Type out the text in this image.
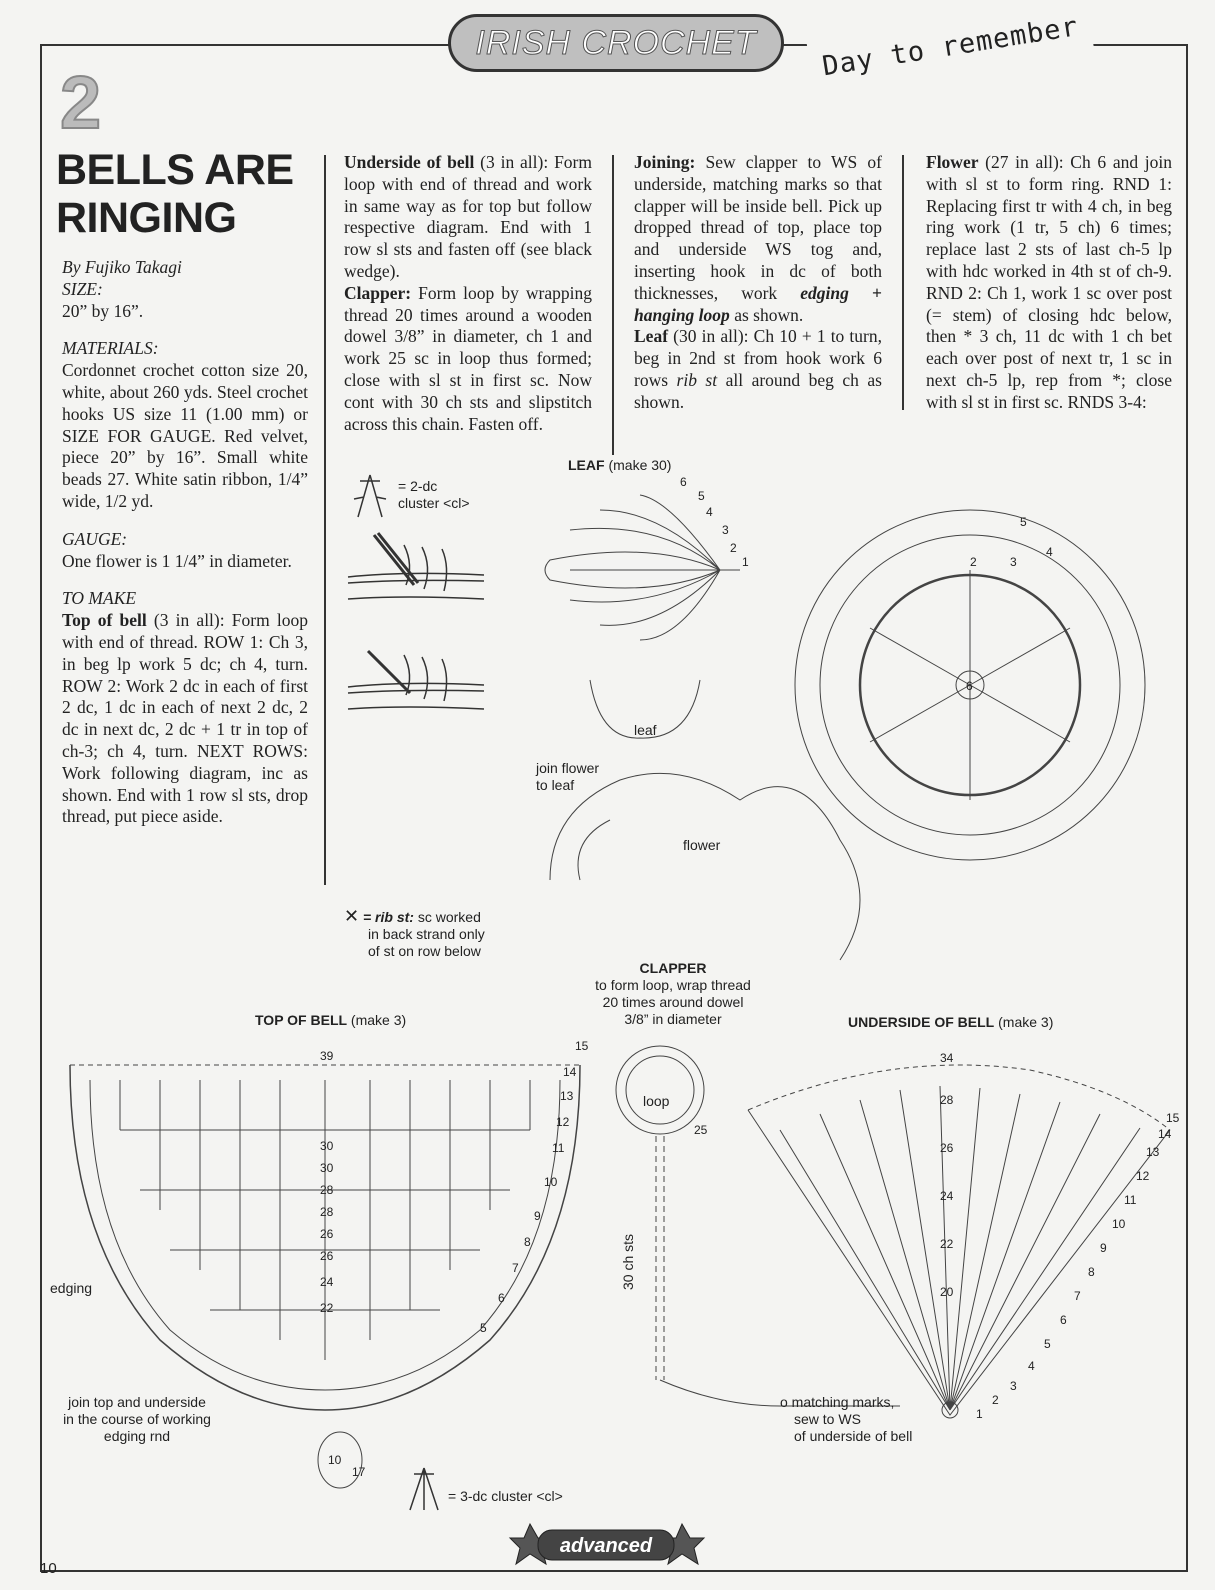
IRISH CROCHET Day to remember
2
BELLS ARE
RINGING

By Fujiko Takagi

SIZE:

20” by 16”.

MATERIALS:

Cordonnet crochet cotton size 20, white, about 260 yds. Steel crochet hooks US size 11 (1.00 mm) or SIZE FOR GAUGE. Red velvet, piece 20” by 16”. Small white beads 27. White satin ribbon, 1/4” wide, 1/2 yd.

GAUGE:

One flower is 1 1/4” in diameter.

TO MAKE

Top of bell (3 in all): Form loop with end of thread. ROW 1: Ch 3, in beg lp work 5 dc; ch 4, turn. ROW 2: Work 2 dc in each of first 2 dc, 1 dc in each of next 2 dc, 2 dc in next dc, 2 dc + 1 tr in top of ch-3; ch 4, turn. NEXT ROWS: Work following diagram, inc as shown. End with 1 row sl sts, drop thread, put piece aside.

Underside of bell (3 in all): Form loop with end of thread and work in same way as for top but follow respective diagram. End with 1 row sl sts and fasten off (see black wedge).

Clapper: Form loop by wrapping thread 20 times around a wooden dowel 3/8” in diameter, ch 1 and work 25 sc in loop thus formed; close with sl st in first sc. Now cont with 30 ch sts and slipstitch across this chain. Fasten off.

Joining: Sew clapper to WS of underside, matching marks so that clapper will be inside bell. Pick up dropped thread of top, place top and underside WS tog and, inserting hook in dc of both thicknesses, work edging + hanging loop as shown.

Leaf (30 in all): Ch 10 + 1 to turn, beg in 2nd st from hook work 6 rows rib st all around beg ch as shown.

Flower (27 in all): Ch 6 and join with sl st to form ring. RND 1: Replacing first tr with 4 ch, in beg ring work (1 tr, 5 ch) 6 times; replace last 2 sts of last ch-5 lp with hdc worked in 4th st of ch-9. RND 2: Ch 1, work 1 sc over post (= stem) of closing hdc below, then * 3 ch, 11 dc with 1 ch bet each over post of next tr, 1 sc in next ch-5 lp, rep from *; close with sl st in first sc. RNDS 3-4:

= 2-dc
cluster <cl>
LEAF (make 30)
1
2
3
4
5
6
leaf
join flower
to leaf
flower
6
2	3
4
5
✕ = rib st: sc worked
in back strand only
of st on row below
CLAPPER
to form loop, wrap thread
20 times around dowel
3/8” in diameter
TOP OF BELL (make 3)
39
30
30
28
28
26
26
24
22
15
14
13
12
11
10
9
8
7
6
5
10
17
edging
join top and underside
in the course of working
edging rnd
25
loop
30 ch sts
UNDERSIDE OF BELL (make 3)
34
28
26
24
22
20
15
14
13
12
11
10
9
8
7
6
5
4
3
2
1
o matching marks,
sew to WS
of underside of bell
= 3-dc cluster <cl>
10
advanced
